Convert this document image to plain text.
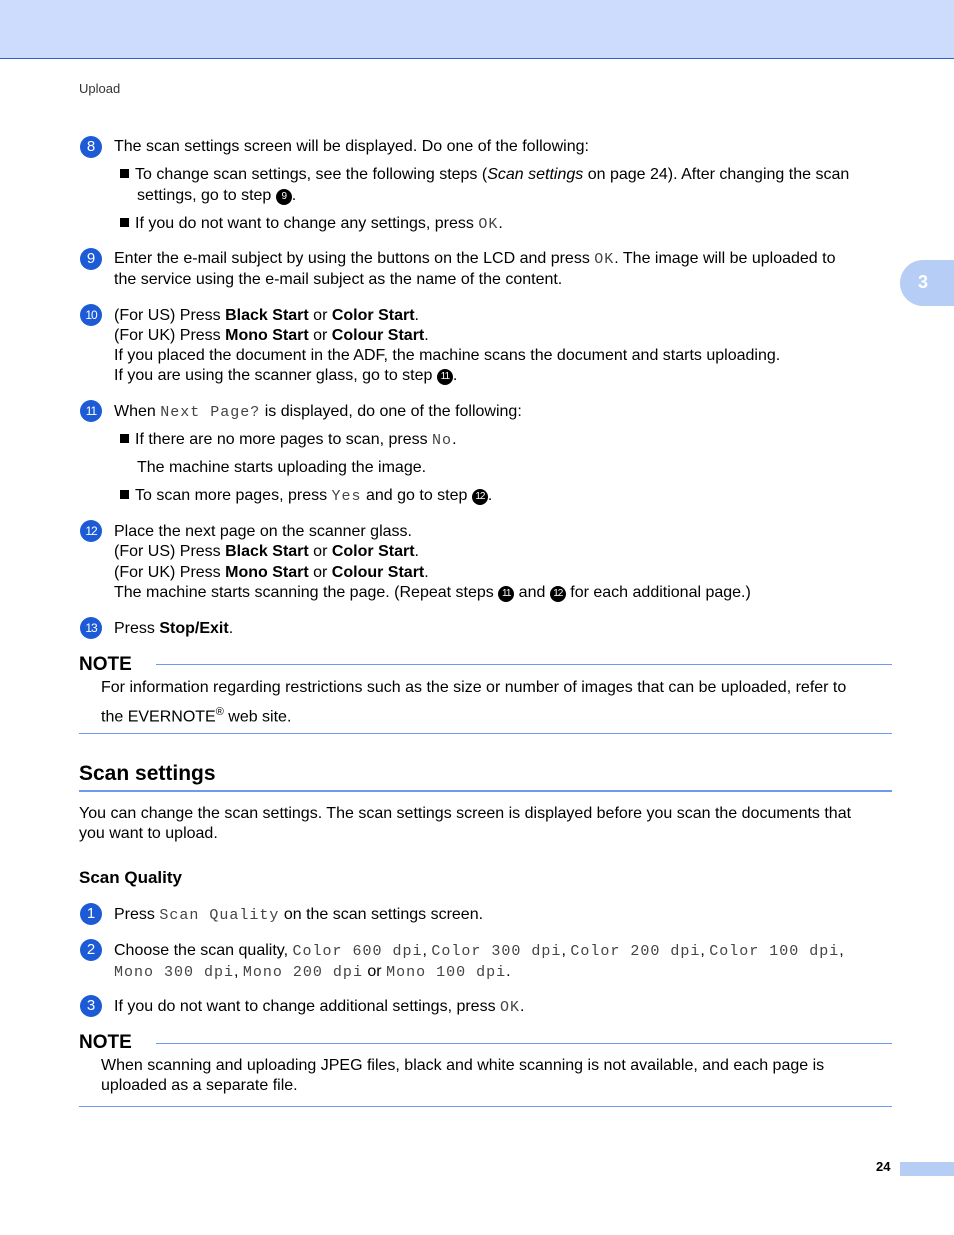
Upload
3
8	The scan settings screen will be displayed. Do one of the following:
To change scan settings, see the following steps (Scan settings on page 24). After changing the scan
settings, go to step 9 .
If you do not want to change any settings, press OK.
9	Enter the e-mail subject by using the buttons on the LCD and press OK. The image will be uploaded to
the service using the e-mail subject as the name of the content.
10	(For US) Press Black Start or Color Start.
(For UK) Press Mono Start or Colour Start.
If you placed the document in the ADF, the machine scans the document and starts uploading.
If you are using the scanner glass, go to step 11 .
11	When Next Page? is displayed, do one of the following:
If there are no more pages to scan, press No.
The machine starts uploading the image.
To scan more pages, press Yes and go to step 12 .
12	Place the next page on the scanner glass.
(For US) Press Black Start or Color Start.
(For UK) Press Mono Start or Colour Start.
The machine starts scanning the page. (Repeat steps 11 and 12 for each additional page.)
13	Press Stop/Exit.
NOTE
For information regarding restrictions such as the size or number of images that can be uploaded, refer to
the EVERNOTE® web site.
Scan settings
You can change the scan settings. The scan settings screen is displayed before you scan the documents that
you want to upload.
Scan Quality
1	Press Scan Quality on the scan settings screen.
2	Choose the scan quality, Color 600 dpi, Color 300 dpi, Color 200 dpi, Color 100 dpi,
Mono 300 dpi, Mono 200 dpi or Mono 100 dpi.
3	If you do not want to change additional settings, press OK.
NOTE
When scanning and uploading JPEG files, black and white scanning is not available, and each page is
uploaded as a separate file.
24
